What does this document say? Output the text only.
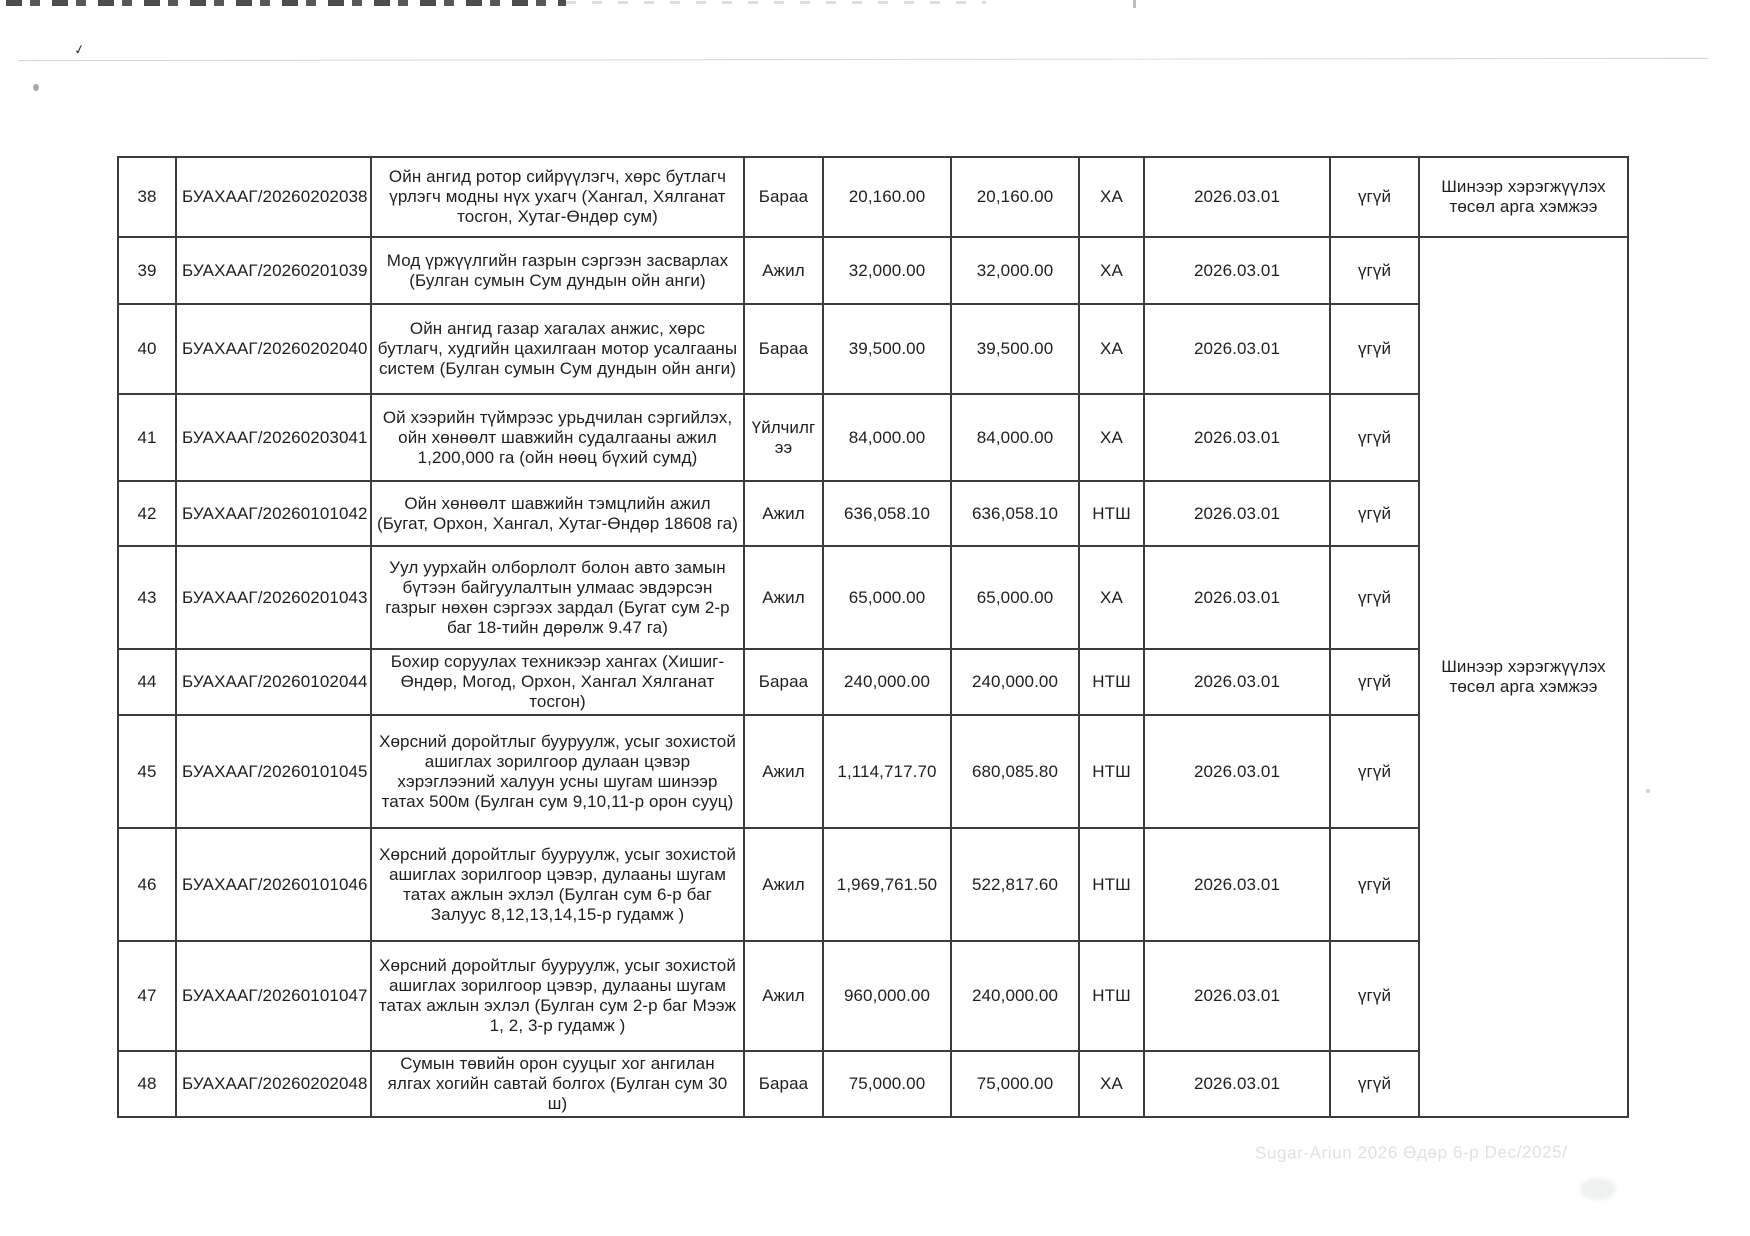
✓
38	БУАХААГ/20260202038	Ойн ангид ротор сийрүүлэгч, хөрс бутлагч үрлэгч модны нүх ухагч (Хангал, Хялганат тосгон, Хутаг-Өндөр сум)	Бараа	20,160.00	20,160.00	ХА	2026.03.01	үгүй	Шинээр хэрэгжүүлэх төсөл арга хэмжээ
39	БУАХААГ/20260201039	Мод үржүүлгийн газрын сэргээн засварлах (Булган сумын Сум дундын ойн анги)	Ажил	32,000.00	32,000.00	ХА	2026.03.01	үгүй	Шинээр хэрэгжүүлэх төсөл арга хэмжээ
40	БУАХААГ/20260202040	Ойн ангид газар хагалах анжис, хөрс бутлагч, худгийн цахилгаан мотор усалгааны систем (Булган сумын Сум дундын ойн анги)	Бараа	39,500.00	39,500.00	ХА	2026.03.01	үгүй	
41	БУАХААГ/20260203041	Ой хээрийн түймрээс урьдчилан сэргийлэх, ойн хөнөөлт шавжийн судалгааны ажил 1,200,000 га (ойн нөөц бүхий сумд)	Үйлчилгээ	84,000.00	84,000.00	ХА	2026.03.01	үгүй	
42	БУАХААГ/20260101042	Ойн хөнөөлт шавжийн тэмцлийн ажил (Бугат, Орхон, Хангал, Хутаг-Өндөр 18608 га)	Ажил	636,058.10	636,058.10	НТШ	2026.03.01	үгүй	
43	БУАХААГ/20260201043	Уул уурхайн олборлолт болон авто замын бүтээн байгуулалтын улмаас эвдэрсэн газрыг нөхөн сэргээх зардал (Бугат сум 2-р баг 18-тийн дөрөлж 9.47 га)	Ажил	65,000.00	65,000.00	ХА	2026.03.01	үгүй	
44	БУАХААГ/20260102044	Бохир соруулах техникээр хангах (Хишиг-Өндөр, Могод, Орхон, Хангал Хялганат тосгон)	Бараа	240,000.00	240,000.00	НТШ	2026.03.01	үгүй	
45	БУАХААГ/20260101045	Хөрсний доройтлыг бууруулж, усыг зохистой ашиглах зорилгоор дулаан цэвэр хэрэглээний халуун усны шугам шинээр татах 500м (Булган сум 9,10,11-р орон сууц)	Ажил	1,114,717.70	680,085.80	НТШ	2026.03.01	үгүй	
46	БУАХААГ/20260101046	Хөрсний доройтлыг бууруулж, усыг зохистой ашиглах зорилгоор цэвэр, дулааны шугам татах ажлын эхлэл (Булган сум 6-р баг Залуус 8,12,13,14,15-р гудамж )	Ажил	1,969,761.50	522,817.60	НТШ	2026.03.01	үгүй	
47	БУАХААГ/20260101047	Хөрсний доройтлыг бууруулж, усыг зохистой ашиглах зорилгоор цэвэр, дулааны шугам татах ажлын эхлэл (Булган сум 2-р баг Мээж 1, 2, 3-р гудамж )	Ажил	960,000.00	240,000.00	НТШ	2026.03.01	үгүй	
48	БУАХААГ/20260202048	Сумын төвийн орон сууцыг хог ангилан ялгах хогийн савтай болгох (Булган сум 30 ш)	Бараа	75,000.00	75,000.00	ХА	2026.03.01	үгүй	
Sugar-Ariun 2026 Өдөр 6-р Dec/2025/
